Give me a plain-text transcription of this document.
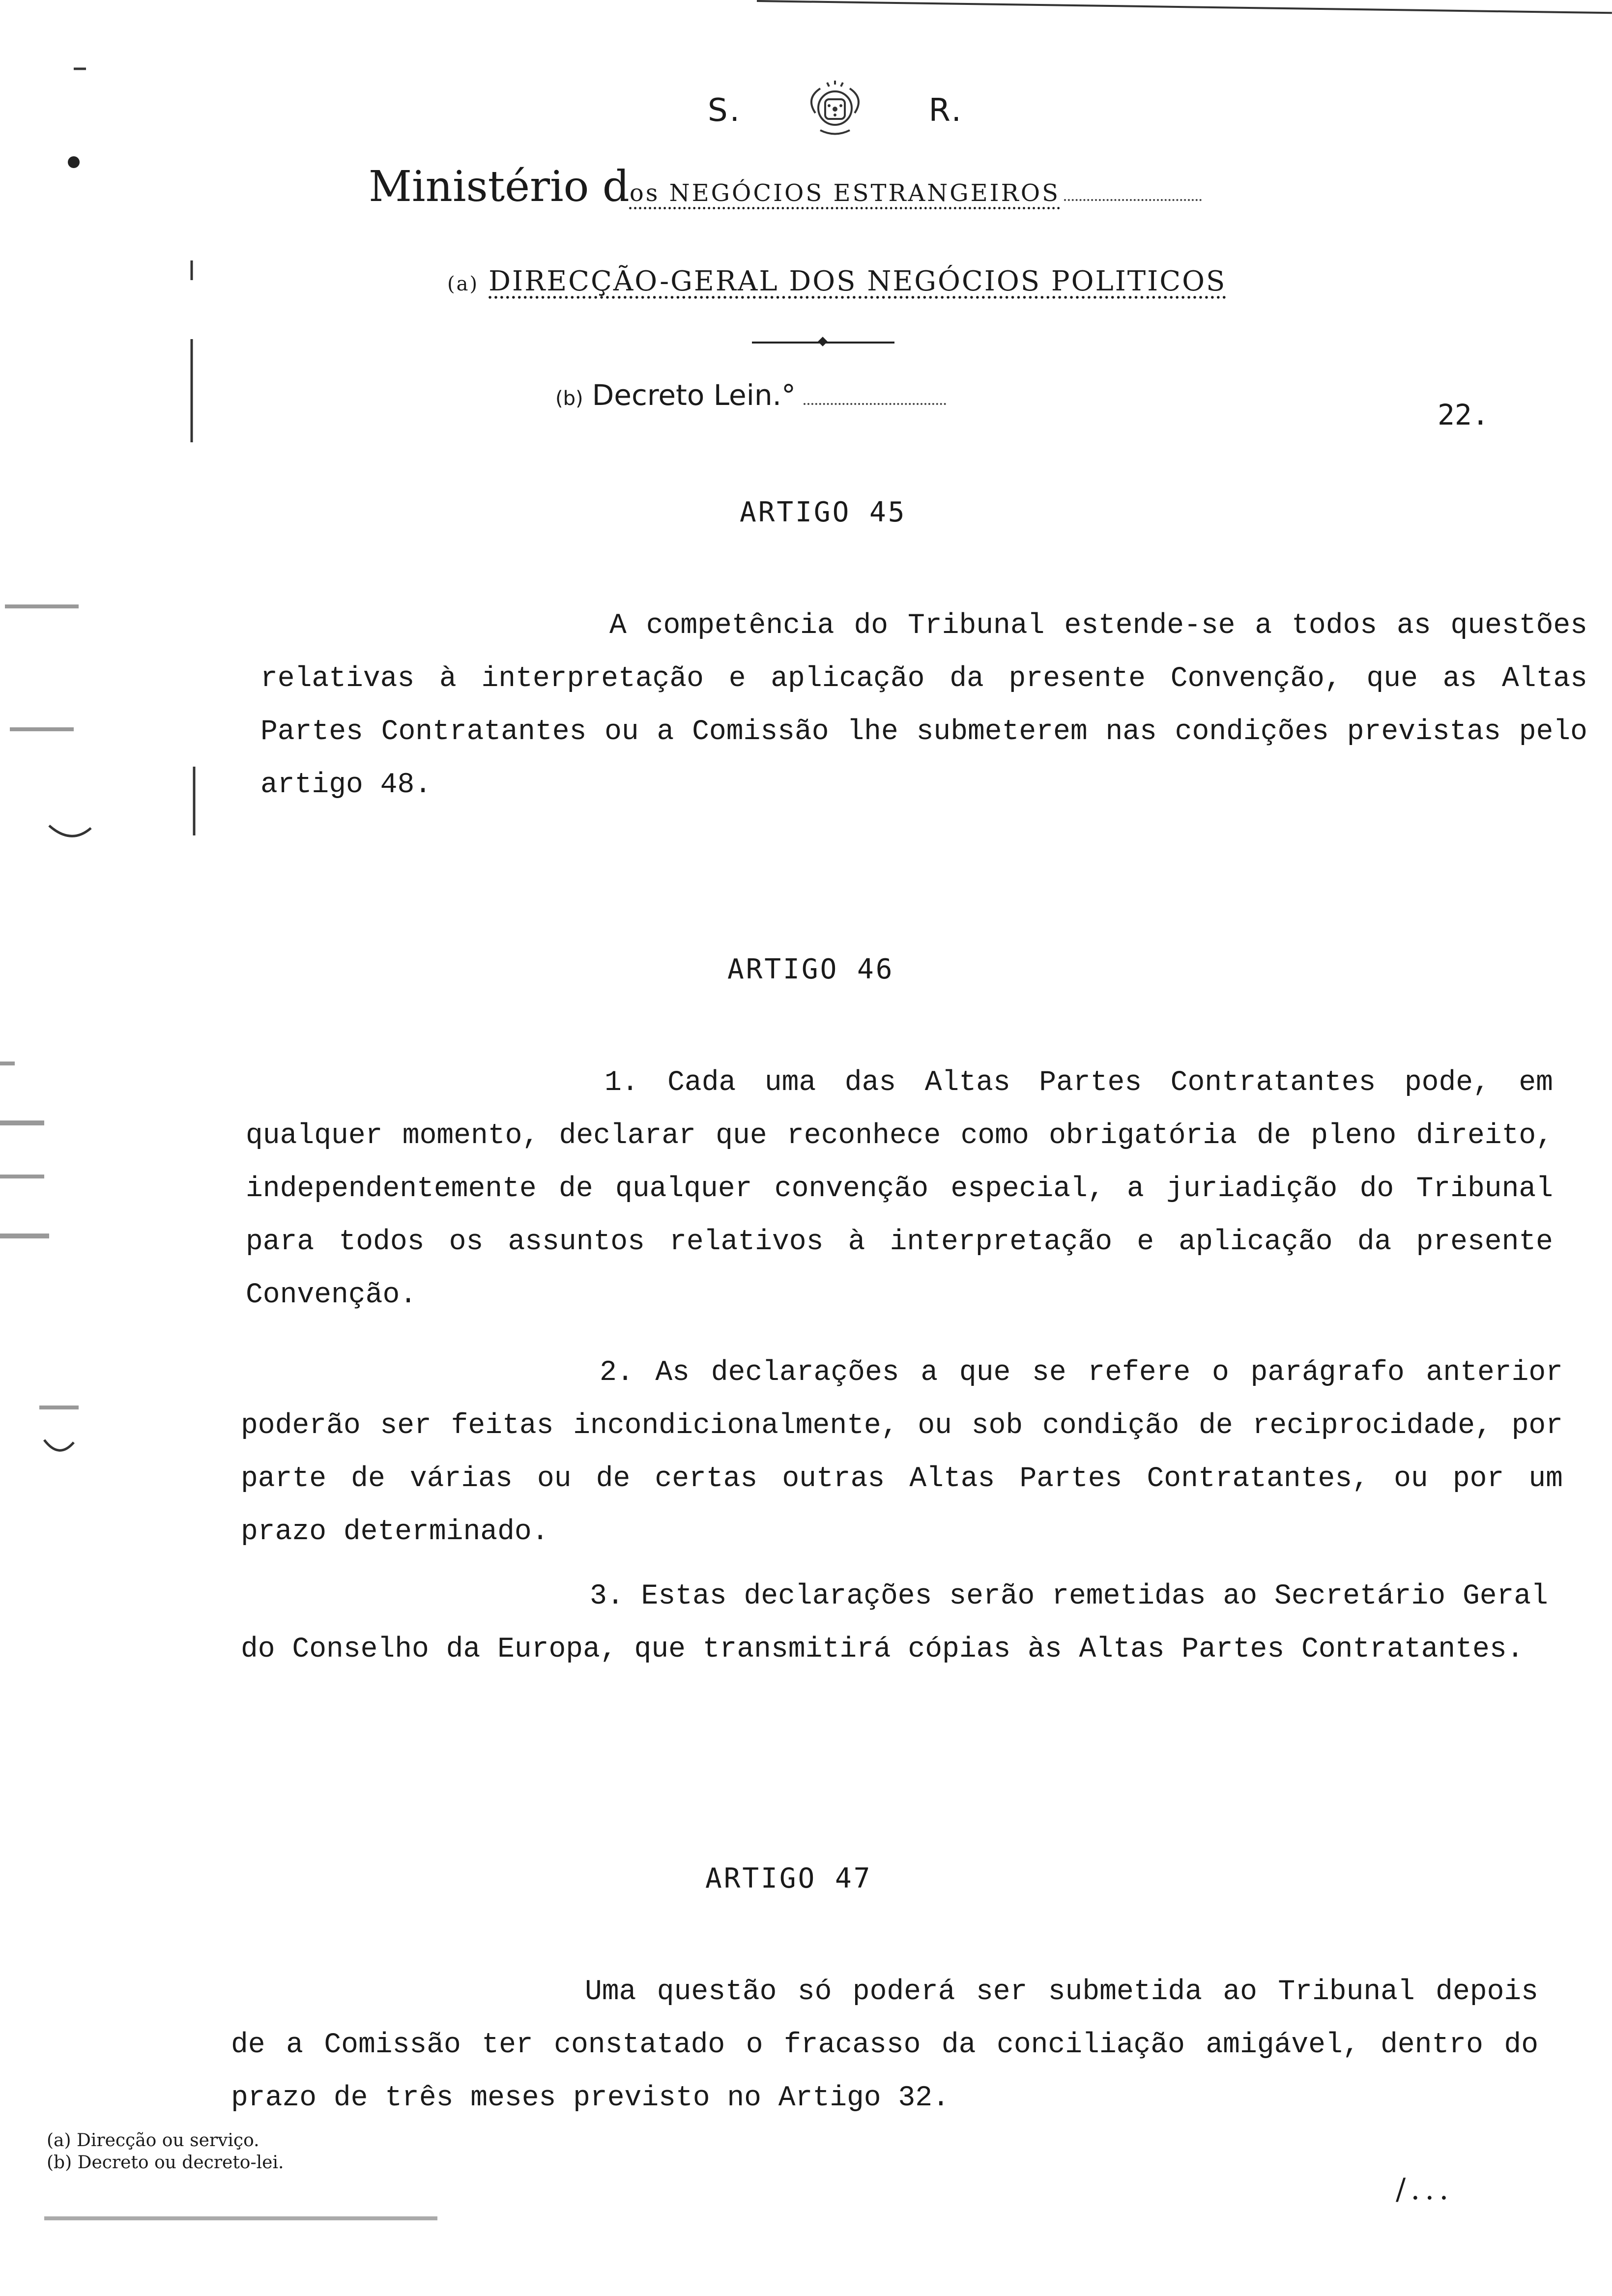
S.	R.
Ministério dos NEGÓCIOS ESTRANGEIROS
(a) DIRECÇÃO-GERAL DOS NEGÓCIOS POLITICOS
(b) Decreto Lein.°
22.
ARTIGO 45
A competência do Tribunal estende-se a todos as questões relativas à interpretação e aplicação da presente Convenção, que as Altas Partes Contratantes ou a Comissão lhe submeterem nas condições previstas pelo artigo 48.
ARTIGO 46
1. Cada uma das Altas Partes Contratantes pode, em qualquer momento, declarar que reconhece como obrigatória de pleno direito, independentemente de qualquer convenção especial, a juriadição do Tribunal para todos os assuntos relativos à interpretação e aplicação da presente Convenção.
2. As declarações a que se refere o parágrafo anterior poderão ser feitas incondicionalmente, ou sob condição de reciprocidade, por parte de várias ou de certas outras Altas Partes Contratantes, ou por um prazo determinado.
3. Estas declarações serão remetidas ao Secretário Geral do Conselho da Europa, que transmitirá cópias às Altas Partes Contratantes.
ARTIGO 47
Uma questão só poderá ser submetida ao Tribunal depois de a Comissão ter constatado o fracasso da conciliação amigável, dentro do prazo de três meses previsto no Artigo 32.
(a) Direcção ou serviço.
(b) Decreto ou decreto-lei.
/...
